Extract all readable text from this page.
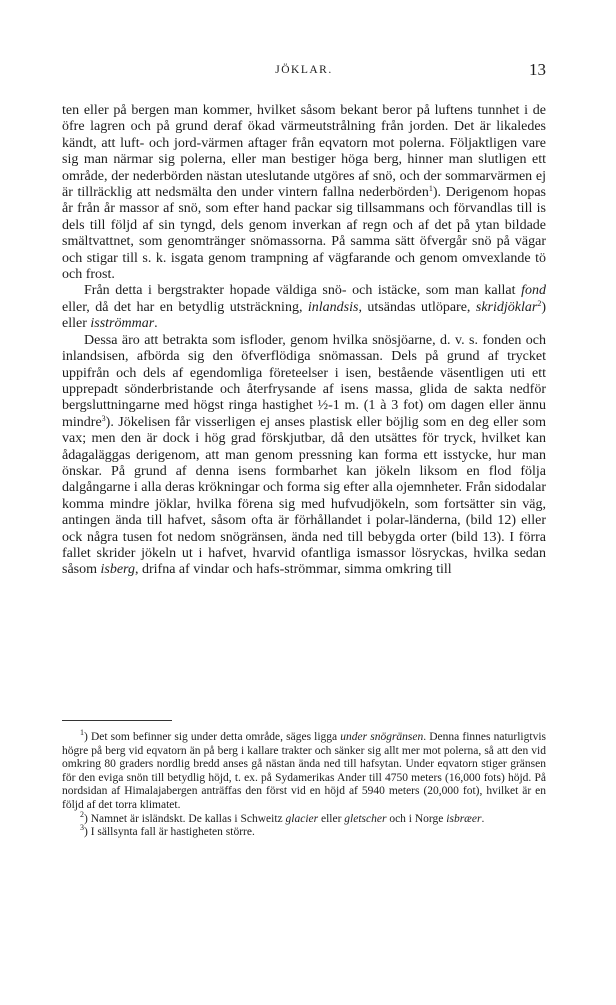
JÖKLAR.	13

ten eller på bergen man kommer, hvilket såsom bekant beror på luftens tunnhet i de öfre lagren och på grund deraf ökad värmeutstrålning från jorden. Det är likaledes kändt, att luft- och jord-värmen aftager från eqvatorn mot polerna. Följaktligen vare sig man närmar sig polerna, eller man bestiger höga berg, hinner man slutligen ett område, der nederbörden nästan uteslutande utgöres af snö, och der sommarvärmen ej är tillräcklig att nedsmälta den under vintern fallna nederbörden$^1$). Derigenom hopas år från år massor af snö, som efter hand packar sig tillsammans och förvandlas till is dels till följd af sin tyngd, dels genom inverkan af regn och af det på ytan bildade smältvattnet, som genomtränger snömassorna. På samma sätt öfvergår snö på vägar och stigar till s. k. isgata genom trampning af vägfarande och genom omvexlande tö och frost.

Från detta i bergstrakter hopade väldiga snö- och istäcke, som man kallat fond eller, då det har en betydlig utsträckning, inlandsis, utsändas utlöpare, skridjöklar$^2$) eller isströmmar.

Dessa äro att betrakta som isfloder, genom hvilka snösjöarne, d. v. s. fonden och inlandsisen, afbörda sig den öfverflödiga snömassan. Dels på grund af trycket uppifrån och dels af egendomliga företeelser i isen, bestående väsentligen uti ett upprepadt sönderbristande och återfrysande af isens massa, glida de sakta nedför bergsluttningarne med högst ringa hastighet ½-1 m. (1 à 3 fot) om dagen eller ännu mindre$^3$). Jökelisen får visserligen ej anses plastisk eller böjlig som en deg eller som vax; men den är dock i hög grad förskjutbar, då den utsättes för tryck, hvilket kan ådagaläggas derigenom, att man genom pressning kan forma ett isstycke, hur man önskar. På grund af denna isens formbarhet kan jökeln liksom en flod följa dalgångarne i alla deras krökningar och forma sig efter alla ojemnheter. Från sidodalar komma mindre jöklar, hvilka förena sig med hufvudjökeln, som fortsätter sin väg, antingen ända till hafvet, såsom ofta är förhållandet i polar-länderna, (bild 12) eller ock några tusen fot nedom snögränsen, ända ned till bebygda orter (bild 13). I förra fallet skrider jökeln ut i hafvet, hvarvid ofantliga ismassor lösryckas, hvilka sedan såsom isberg, drifna af vindar och hafs-strömmar, simma omkring till

$^1$) Det som befinner sig under detta område, säges ligga under snögränsen. Denna finnes naturligtvis högre på berg vid eqvatorn än på berg i kallare trakter och sänker sig allt mer mot polerna, så att den vid omkring 80 graders nordlig bredd anses gå nästan ända ned till hafsytan. Under eqvatorn stiger gränsen för den eviga snön till betydlig höjd, t. ex. på Sydamerikas Ander till 4750 meters (16,000 fots) höjd. På nordsidan af Himalajabergen anträffas den först vid en höjd af 5940 meters (20,000 fot), hvilket är en följd af det torra klimatet.

$^2$) Namnet är isländskt. De kallas i Schweitz glacier eller gletscher och i Norge isbræer.

$^3$) I sällsynta fall är hastigheten större.
